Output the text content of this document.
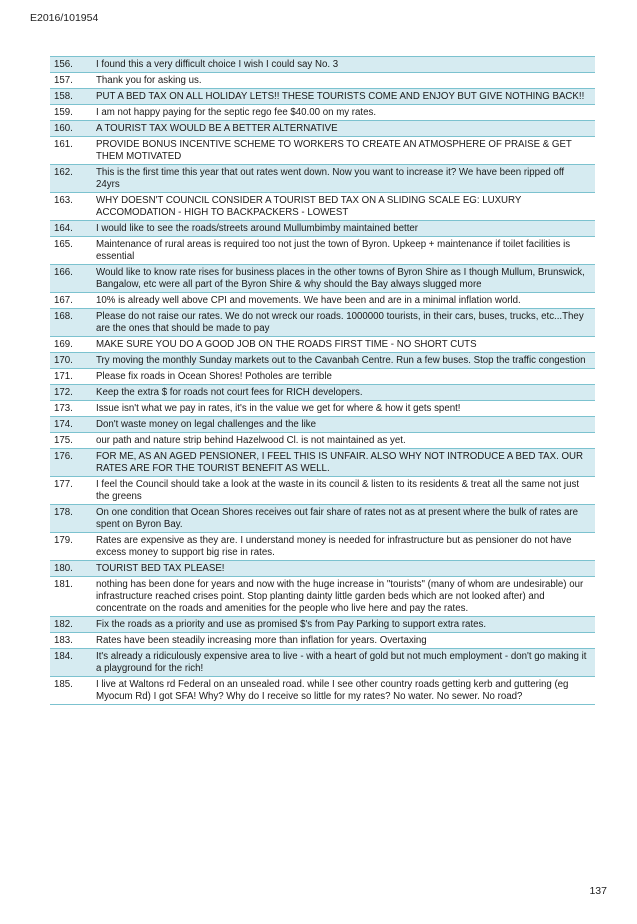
E2016/101954
156.	I found this a very difficult choice I wish I could say No. 3
157.	Thank you for asking us.
158.	PUT A BED TAX ON ALL HOLIDAY LETS!! THESE TOURISTS COME AND ENJOY BUT GIVE NOTHING BACK!!
159.	I am not happy paying for the septic rego fee $40.00 on my rates.
160.	A TOURIST TAX WOULD BE A BETTER ALTERNATIVE
161.	PROVIDE BONUS INCENTIVE SCHEME TO WORKERS TO CREATE AN ATMOSPHERE OF PRAISE & GET THEM MOTIVATED
162.	This is the first time this year that out rates went down. Now you want to increase it? We have been ripped off 24yrs
163.	WHY DOESN'T COUNCIL CONSIDER A TOURIST BED TAX ON A SLIDING SCALE EG: LUXURY ACCOMODATION - HIGH TO BACKPACKERS - LOWEST
164.	I would like to see the roads/streets around Mullumbimby maintained better
165.	Maintenance of rural areas is required too not just the town of Byron. Upkeep + maintenance if toilet facilities is essential
166.	Would like to know rate rises for business places in the other towns of Byron Shire as I though Mullum, Brunswick, Bangalow, etc were all part of the Byron Shire & why should the Bay always slugged more
167.	10% is already well above CPI and movements. We have been and are in a minimal inflation world.
168.	Please do not raise our rates. We do not wreck our roads. 1000000 tourists, in their cars, buses, trucks, etc...They are the ones that should be made to pay
169.	MAKE SURE YOU DO A GOOD JOB ON THE ROADS FIRST TIME - NO SHORT CUTS
170.	Try moving the monthly Sunday markets out to the Cavanbah Centre. Run a few buses. Stop the traffic congestion
171.	Please fix roads in Ocean Shores! Potholes are terrible
172.	Keep the extra $ for roads not court fees for RICH developers.
173.	Issue isn't what we pay in rates, it's in the value we get for where & how it gets spent!
174.	Don't waste money on legal challenges and the like
175.	our path and nature strip behind Hazelwood Cl. is not maintained as yet.
176.	FOR ME, AS AN AGED PENSIONER, I FEEL THIS IS UNFAIR. ALSO WHY NOT INTRODUCE A BED TAX. OUR RATES ARE FOR THE TOURIST BENEFIT AS WELL.
177.	I feel the Council should take a look at the waste in its council & listen to its residents & treat all the same not just the greens
178.	On one condition that Ocean Shores receives out fair share of rates not as at present where the bulk of rates are spent on Byron Bay.
179.	Rates are expensive as they are. I understand money is needed for infrastructure but as pensioner do not have excess money to support big rise in rates.
180.	TOURIST BED TAX PLEASE!
181.	nothing has been done for years and now with the huge increase in "tourists" (many of whom are undesirable) our infrastructure reached crises point. Stop planting dainty little garden beds which are not looked after) and concentrate on the roads and amenities for the people who live here and pay the rates.
182.	Fix the roads as a priority and use as promised $'s from Pay Parking to support extra rates.
183.	Rates have been steadily increasing more than inflation for years. Overtaxing
184.	It's already a ridiculously expensive area to live - with a heart of gold but not much employment - don't go making it a playground for the rich!
185.	I live at Waltons rd Federal on an unsealed road. while I see other country roads getting kerb and guttering (eg Myocum Rd) I got SFA! Why? Why do I receive so little for my rates? No water. No sewer. No road?
137
